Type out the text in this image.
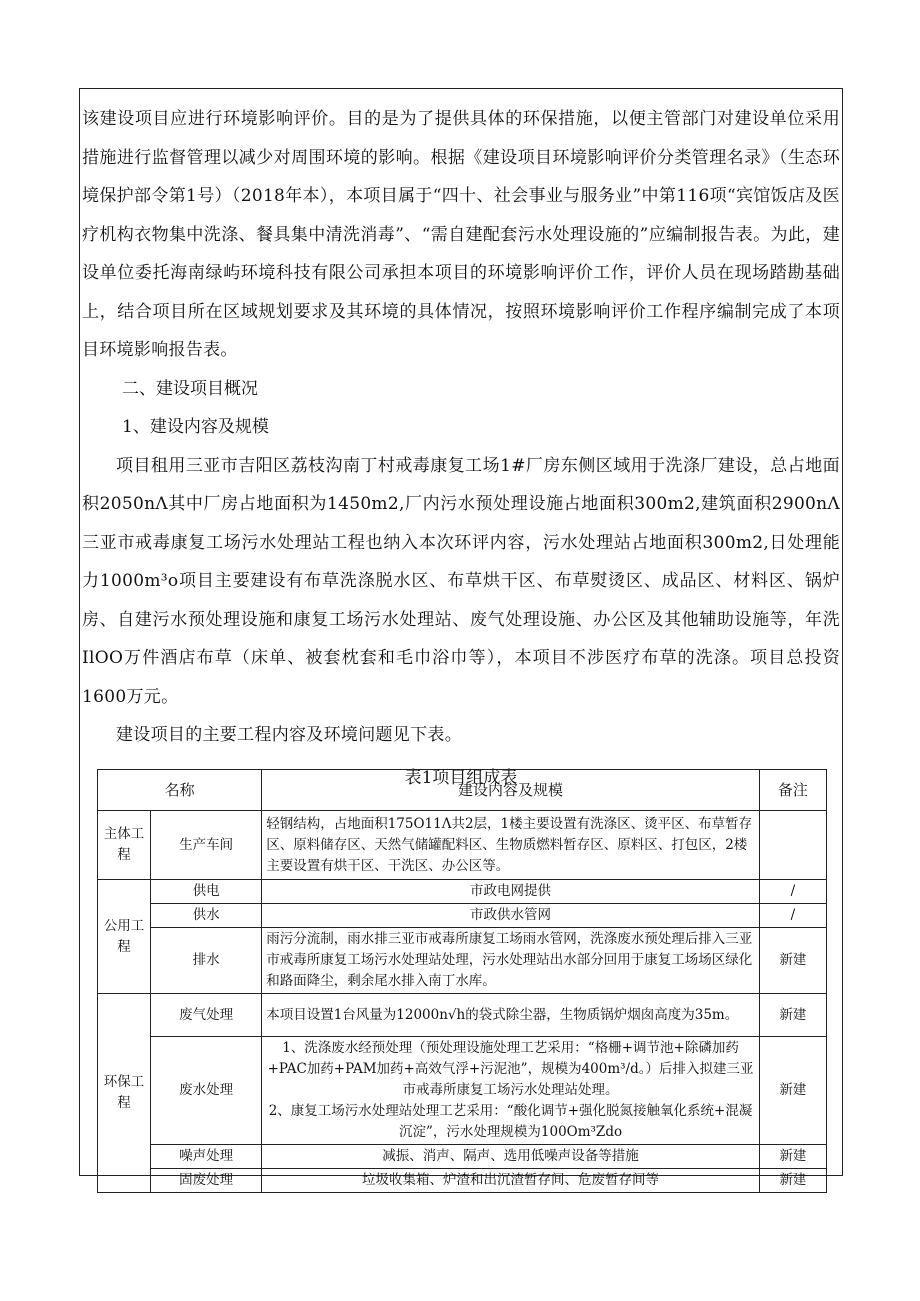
该建设项目应进行环境影响评价。目的是为了提供具体的环保措施，以便主管部门对建设单位采用措施进行监督管理以减少对周围环境的影响。根据《建设项目环境影响评价分类管理名录》（生态环境保护部令第1号）（2018年本），本项目属于“四十、社会事业与服务业”中第116项“宾馆饭店及医疗机构衣物集中洗涤、餐具集中清洗消毒”、“需自建配套污水处理设施的”应编制报告表。为此，建设单位委托海南绿屿环境科技有限公司承担本项目的环境影响评价工作，评价人员在现场踏勘基础上，结合项目所在区域规划要求及其环境的具体情况，按照环境影响评价工作程序编制完成了本项目环境影响报告表。

二、建设项目概况

1、建设内容及规模

项目租用三亚市吉阳区荔枝沟南丁村戒毒康复工场1#厂房东侧区域用于洗涤厂建设，总占地面积2050nΛ其中厂房占地面积为1450m2,厂内污水预处理设施占地面积300m2,建筑面积2900nΛ三亚市戒毒康复工场污水处理站工程也纳入本次环评内容，污水处理站占地面积300m2,日处理能力1000m³o项目主要建设有布草洗涤脱水区、布草烘干区、布草熨烫区、成品区、材料区、锅炉房、自建污水预处理设施和康复工场污水处理站、废气处理设施、办公区及其他辅助设施等，年洗IlOO万件酒店布草（床单、被套枕套和毛巾浴巾等），本项目不涉医疗布草的洗涤。项目总投资1600万元。

建设项目的主要工程内容及环境问题见下表。

表1项目组成表

名称		建设内容及规模	备注
主体工程	生产车间	轻钢结构，占地面积175O11Λ共2层，1楼主要设置有洗涤区、烫平区、布草暂存区、原料储存区、天然气储罐配料区、生物质燃料暂存区、原料区、打包区，2楼主要设置有烘干区、干洗区、办公区等。	
公用工程	供电	市政电网提供	/
	供水	市政供水管网	/
	排水	雨污分流制，雨水排三亚市戒毒所康复工场雨水管网，洗涤废水预处理后排入三亚市戒毒所康复工场污水处理站处理，污水处理站出水部分回用于康复工场场区绿化和路面降尘，剩余尾水排入南丁水库。	新建
环保工程	废气处理	本项目设置1台风量为12000n√h的袋式除尘器，生物质锅炉烟囱高度为35m。	新建
	废水处理	1、洗涤废水经预处理（预处理设施处理工艺采用：“格栅+调节池+除磷加药+PAC加药+PAM加药+高效气浮+污泥池”，规模为400m³/d。）后排入拟建三亚市戒毒所康复工场污水处理站处理。
2、康复工场污水处理站处理工艺采用：“酸化调节+强化脱氮接触氧化系统+混凝沉淀”，污水处理规模为100Om³Zdo	新建
	噪声处理	减振、消声、隔声、选用低噪声设备等措施	新建
	固废处理	垃圾收集箱、炉渣和出沉渣暂存间、危废暂存间等	新建
